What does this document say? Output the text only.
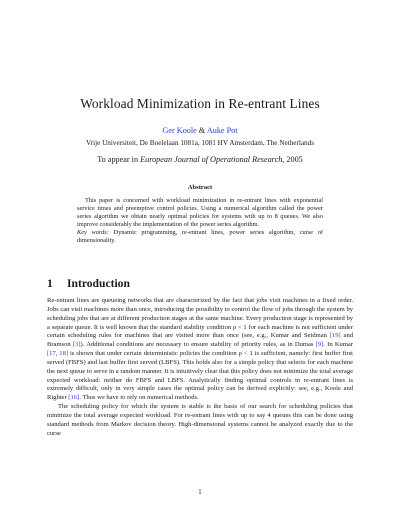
Workload Minimization in Re-entrant Lines
Ger Koole & Auke Pot
Vrije Universiteit, De Boelelaan 1081a, 1081 HV Amsterdam, The Netherlands
To appear in European Journal of Operational Research, 2005
Abstract

This paper is concerned with workload minimization in re-entrant lines with exponential service times and preemptive control policies. Using a numerical algorithm called the power series algorithm we obtain nearly optimal policies for systems with up to 8 queues. We also improve considerably the implementation of the power series algorithm.

Key words: Dynamic programming, re-entrant lines, power series algorithm, curse of dimensionality.

1 Introduction

Re-entrant lines are queueing networks that are characterized by the fact that jobs visit machines in a fixed order. Jobs can visit machines more than once, introducing the possibility to control the flow of jobs through the system by scheduling jobs that are at different production stages at the same machine. Every production stage is represented by a separate queue. It is well known that the standard stability condition ρ < 1 for each machine is not sufficient under certain scheduling rules for machines that are visited more than once (see, e.g., Kumar and Seidman [19] and Bramson [3]). Additional conditions are necessary to ensure stability of priority rules, as in Dumas [9]. In Kumar [17, 18] is shown that under certain deterministic policies the condition ρ < 1 is sufficient, namely: first buffer first served (FBFS) and last buffer first served (LBFS). This holds also for a simple policy that selects for each machine the next queue to serve in a random manner. It is intuitively clear that this policy does not minimize the total average expected workload: neither do FBFS and LBFS. Analytically finding optimal controls in re-entrant lines is extremely difficult, only in very simple cases the optimal policy can be derived explicitly: see, e.g., Koole and Righter [16]. Thus we have to rely on numerical methods.

The scheduling policy for which the system is stable is the basis of our search for scheduling policies that minimize the total average expected workload. For re-entrant lines with up to say 4 queues this can be done using standard methods from Markov decision theory. High-dimensional systems cannot be analyzed exactly due to the curse

1
